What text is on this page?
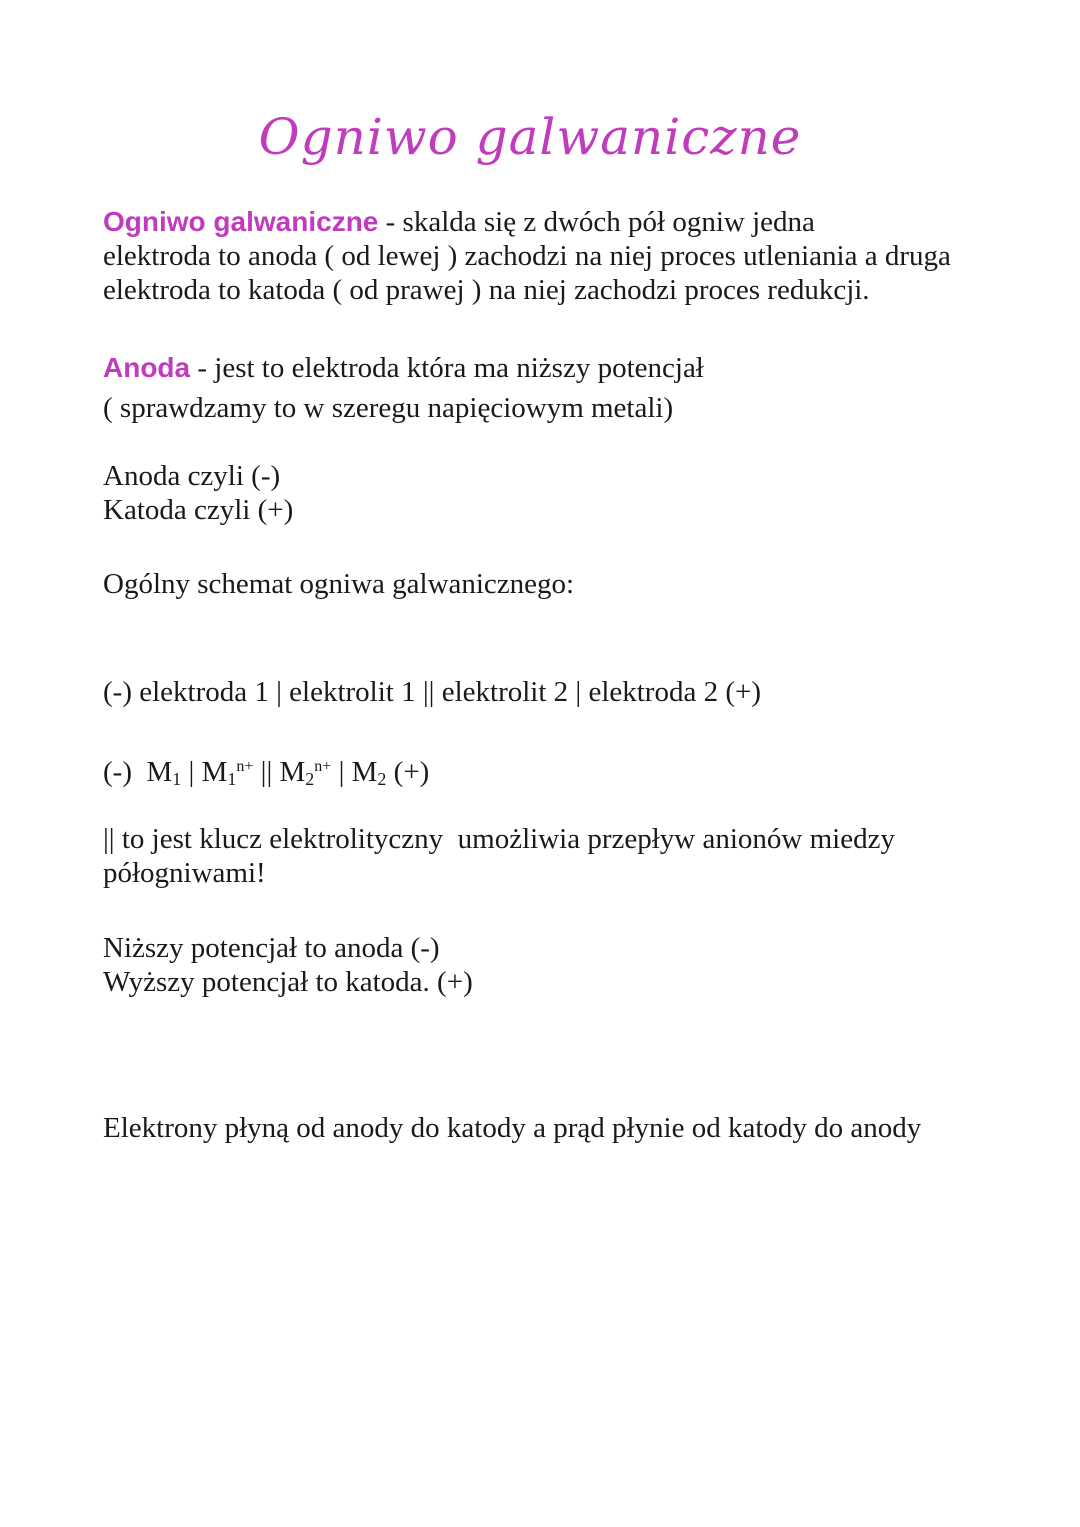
Ogniwo galwaniczne

Ogniwo galwaniczne - skalda się z dwóch pół ogniw jedna
elektroda to anoda ( od lewej ) zachodzi na niej proces utleniania a druga
elektroda to katoda ( od prawej ) na niej zachodzi proces redukcji.

Anoda - jest to elektroda która ma niższy potencjał
( sprawdzamy to w szeregu napięciowym metali)

Anoda czyli (-)
Katoda czyli (+)

Ogólny schemat ogniwa galwanicznego:

(-) elektroda 1 | elektrolit 1 || elektrolit 2 | elektroda 2 (+)

(-)  $M_1$ | $M_1^{n+}$ || $M_2^{n+}$ | $M_2$ (+)

|| to jest klucz elektrolityczny  umożliwia przepływ anionów miedzy
półogniwami!

Niższy potencjał to anoda (-)
Wyższy potencjał to katoda. (+)

Elektrony płyną od anody do katody a prąd płynie od katody do anody
